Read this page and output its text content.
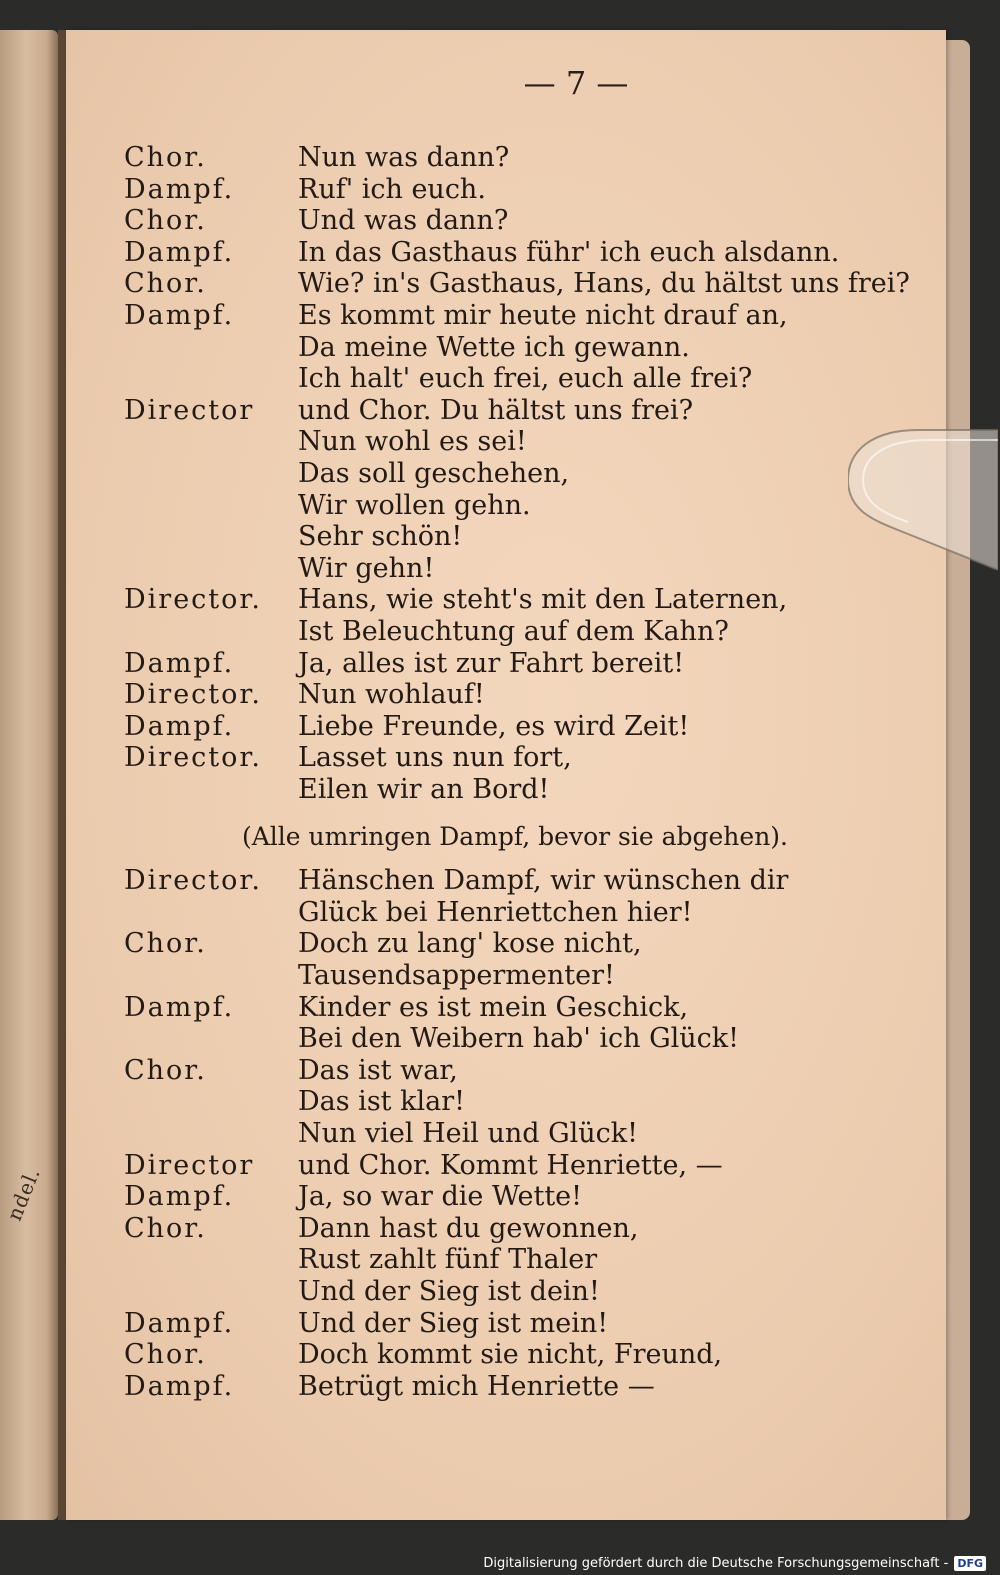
ndel.
— 7 —
Chor.	Nun was dann?
Dampf. Ruf' ich euch.
Chor.	Und was dann?
Dampf. In das Gasthaus führ' ich euch alsdann.
Chor.	Wie? in's Gasthaus, Hans, du hältst uns frei?
Dampf. Es kommt mir heute nicht drauf an,
Da meine Wette ich gewann.
Ich halt' euch frei, euch alle frei?
Director und Chor. Du hältst uns frei?
Nun wohl es sei!
Das soll geschehen,
Wir wollen gehn.
Sehr schön!
Wir gehn!
Director. Hans, wie steht's mit den Laternen,
Ist Beleuchtung auf dem Kahn?
Dampf. Ja, alles ist zur Fahrt bereit!
Director. Nun wohlauf!
Dampf. Liebe Freunde, es wird Zeit!
Director. Lasset uns nun fort,
Eilen wir an Bord!
(Alle umringen Dampf, bevor sie abgehen).
Director. Hänschen Dampf, wir wünschen dir
Glück bei Henriettchen hier!
Chor.	Doch zu lang' kose nicht,
Tausendsappermenter!
Dampf. Kinder es ist mein Geschick,
Bei den Weibern hab' ich Glück!
Chor.	Das ist war,
Das ist klar!
Nun viel Heil und Glück!
Director und Chor. Kommt Henriette, —
Dampf. Ja, so war die Wette!
Chor.	Dann hast du gewonnen,
Rust zahlt fünf Thaler
Und der Sieg ist dein!
Dampf. Und der Sieg ist mein!
Chor.	Doch kommt sie nicht, Freund,
Dampf. Betrügt mich Henriette —
Digitalisierung gefördert durch die Deutsche Forschungsgemeinschaft - DFG
